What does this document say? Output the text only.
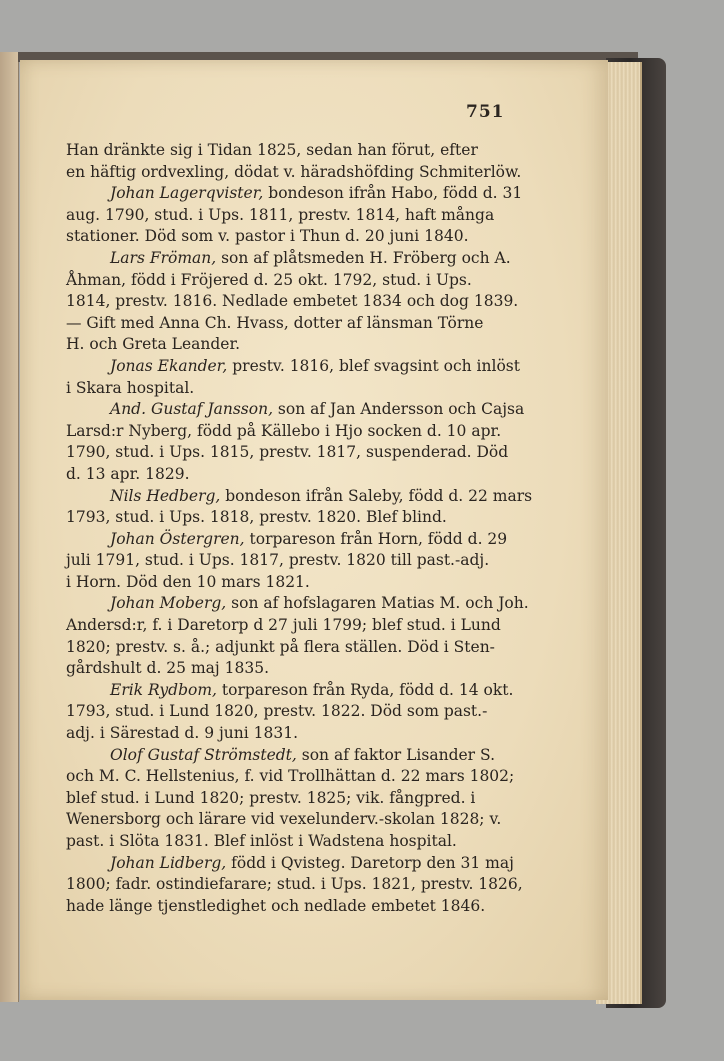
751
Han dränkte sig i Tidan 1825, sedan han förut, efter
en häftig ordvexling, dödat v. häradshöfding Schmiterlöw.
Johan Lagerqvister, bondeson ifrån Habo, född d. 31
aug. 1790, stud. i Ups. 1811, prestv. 1814, haft många
stationer. Död som v. pastor i Thun d. 20 juni 1840.
Lars Fröman, son af plåtsmeden H. Fröberg och A.
Åhman, född i Fröjered d. 25 okt. 1792, stud. i Ups.
1814, prestv. 1816. Nedlade embetet 1834 och dog 1839.
— Gift med Anna Ch. Hvass, dotter af länsman Törne
H. och Greta Leander.
Jonas Ekander, prestv. 1816, blef svagsint och inlöst
i Skara hospital.
And. Gustaf Jansson, son af Jan Andersson och Cajsa
Larsd:r Nyberg, född på Källebo i Hjo socken d. 10 apr.
1790, stud. i Ups. 1815, prestv. 1817, suspenderad. Död
d. 13 apr. 1829.
Nils Hedberg, bondeson ifrån Saleby, född d. 22 mars
1793, stud. i Ups. 1818, prestv. 1820. Blef blind.
Johan Östergren, torpareson från Horn, född d. 29
juli 1791, stud. i Ups. 1817, prestv. 1820 till past.-adj.
i Horn. Död den 10 mars 1821.
Johan Moberg, son af hofslagaren Matias M. och Joh.
Andersd:r, f. i Daretorp d 27 juli 1799; blef stud. i Lund
1820; prestv. s. å.; adjunkt på flera ställen. Död i Sten-
gårdshult d. 25 maj 1835.
Erik Rydbom, torpareson från Ryda, född d. 14 okt.
1793, stud. i Lund 1820, prestv. 1822. Död som past.-
adj. i Särestad d. 9 juni 1831.
Olof Gustaf Strömstedt, son af faktor Lisander S.
och M. C. Hellstenius, f. vid Trollhättan d. 22 mars 1802;
blef stud. i Lund 1820; prestv. 1825; vik. fångpred. i
Wenersborg och lärare vid vexelunderv.-skolan 1828; v.
past. i Slöta 1831. Blef inlöst i Wadstena hospital.
Johan Lidberg, född i Qvisteg. Daretorp den 31 maj
1800; fadr. ostindiefarare; stud. i Ups. 1821, prestv. 1826,
hade länge tjenstledighet och nedlade embetet 1846.
